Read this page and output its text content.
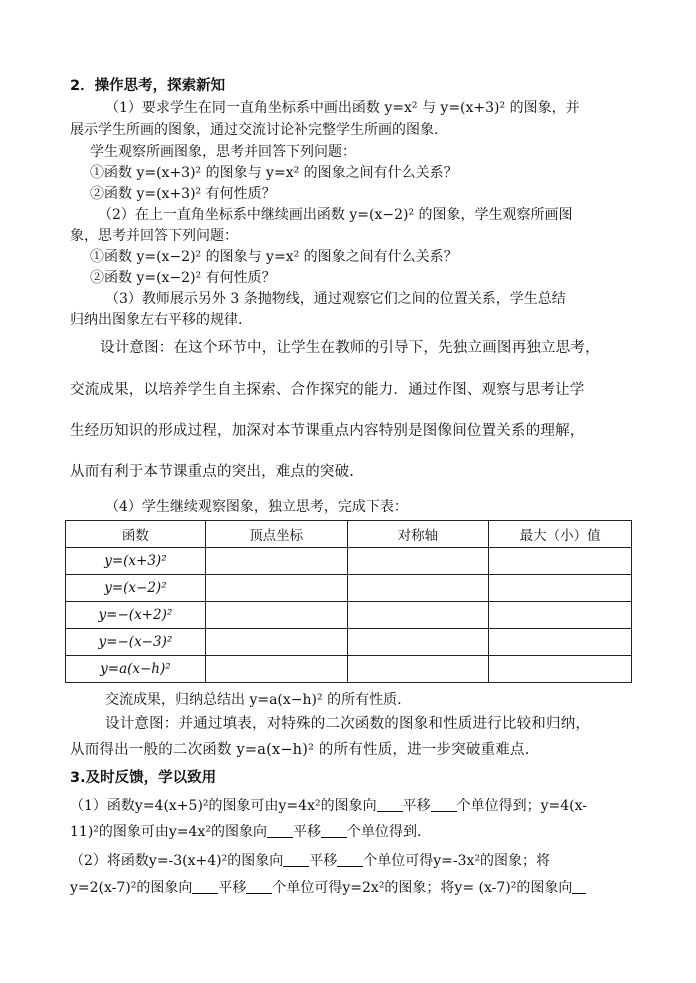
2．操作思考，探索新知
（1）要求学生在同一直角坐标系中画出函数 y=x² 与 y=(x+3)² 的图象，并
展示学生所画的图象，通过交流讨论补完整学生所画的图象.
学生观察所画图象，思考并回答下列问题：
①函数 y=(x+3)² 的图象与 y=x² 的图象之间有什么关系？
②函数 y=(x+3)² 有何性质？
（2）在上一直角坐标系中继续画出函数 y=(x−2)² 的图象，学生观察所画图
象，思考并回答下列问题：
①函数 y=(x−2)² 的图象与 y=x² 的图象之间有什么关系？
②函数 y=(x−2)² 有何性质？
（3）教师展示另外 3 条抛物线，通过观察它们之间的位置关系，学生总结
归纳出图象左右平移的规律.
设计意图：在这个环节中，让学生在教师的引导下，先独立画图再独立思考，
交流成果，以培养学生自主探索、合作探究的能力．通过作图、观察与思考让学
生经历知识的形成过程，加深对本节课重点内容特别是图像间位置关系的理解，
从而有利于本节课重点的突出，难点的突破.
（4）学生继续观察图象，独立思考，完成下表：
函数	顶点坐标	对称轴	最大（小）值
y=(x+3)²			
y=(x−2)²			
y=−(x+2)²			
y=−(x−3)²			
y=a(x−h)²			
交流成果，归纳总结出 y=a(x−h)² 的所有性质.
设计意图：并通过填表，对特殊的二次函数的图象和性质进行比较和归纳，
从而得出一般的二次函数 y=a(x−h)² 的所有性质，进一步突破重难点.
3.及时反馈，学以致用
（1）函数y=4(x+5)²的图象可由y=4x²的图象向 平移 个单位得到；y=4(x-
11)²的图象可由y=4x²的图象向 平移 个单位得到.
（2）将函数y=-3(x+4)²的图象向 平移 个单位可得y=-3x²的图象；将
y=2(x-7)²的图象向 平移 个单位可得y=2x²的图象；将y= (x-7)²的图象向
